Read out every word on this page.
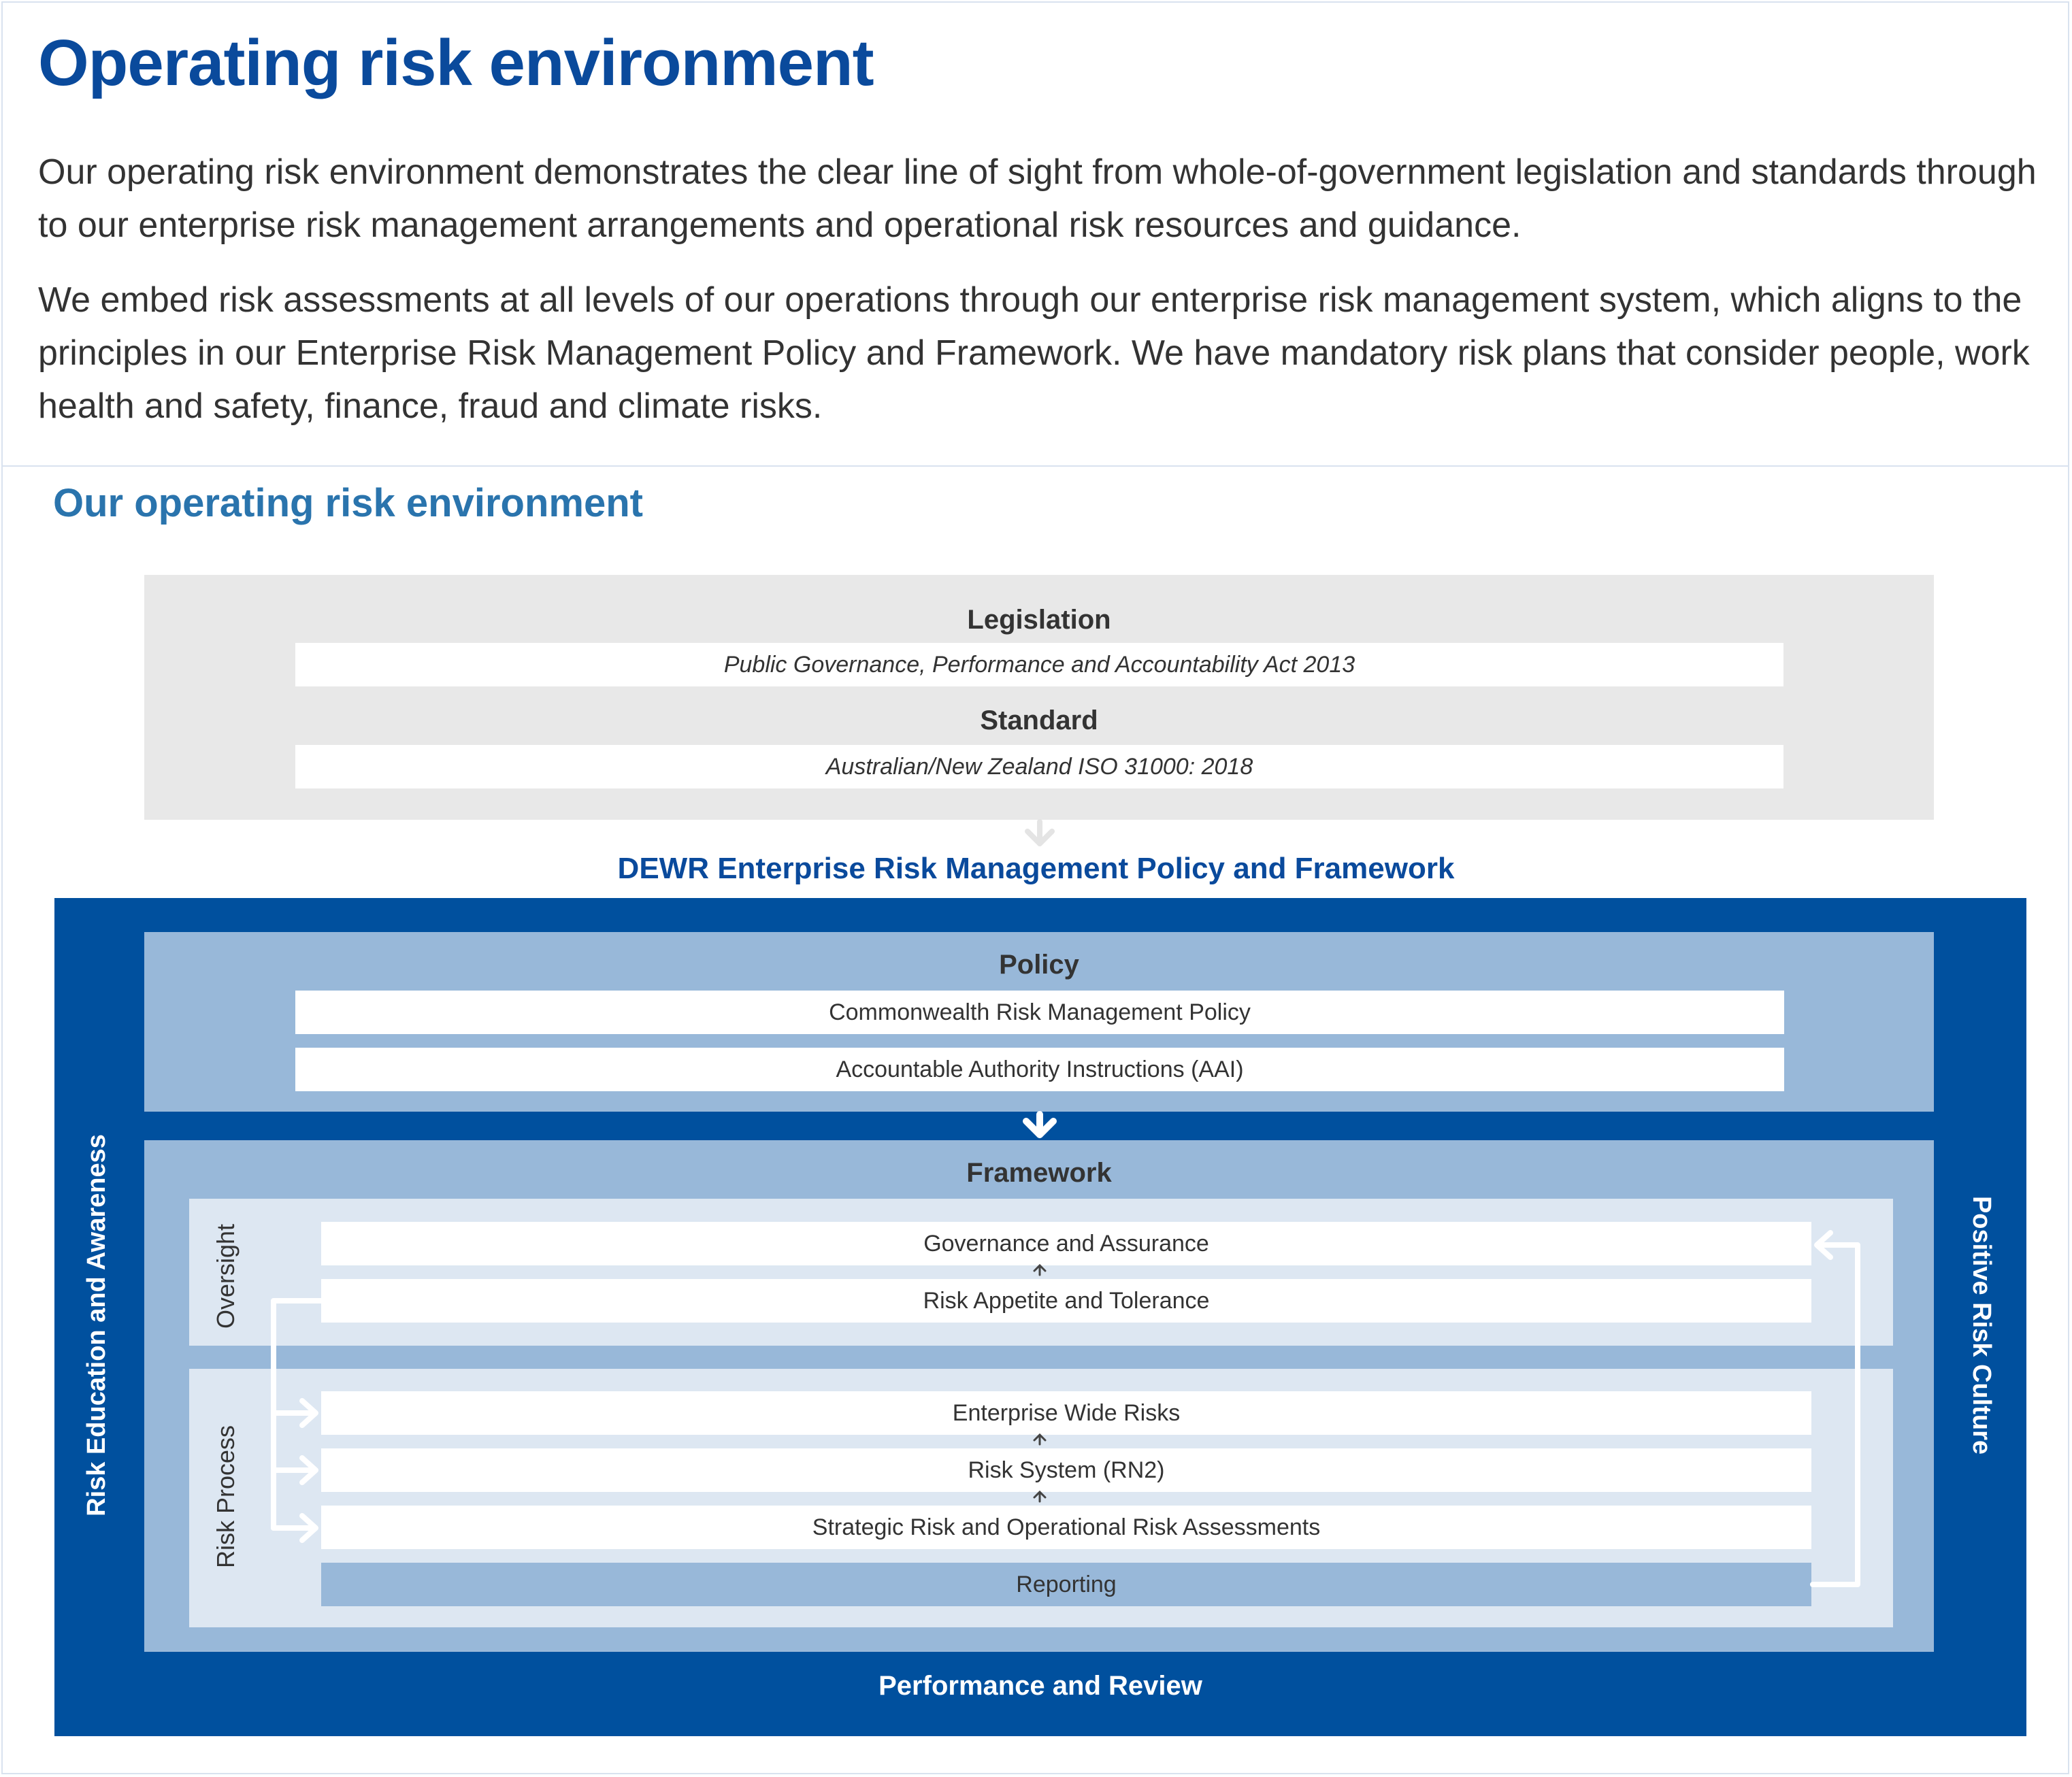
Operating risk environment

Our operating risk environment demonstrates the clear line of sight from whole-of-government legislation and standards through to our enterprise risk management arrangements and operational risk resources and guidance.

We embed risk assessments at all levels of our operations through our enterprise risk management system, which aligns to the principles in our Enterprise Risk Management Policy and Framework. We have mandatory risk plans that consider people, work health and safety, finance, fraud and climate risks.

Our operating risk environment
Legislation
Public Governance, Performance and Accountability Act 2013
Standard
Australian/New Zealand ISO 31000: 2018
DEWR Enterprise Risk Management Policy and Framework
Risk Education and Awareness	Positive Risk Culture
Performance and Review
Policy
Commonwealth Risk Management Policy
Accountable Authority Instructions (AAI)
Framework
Oversight
Risk Process
Governance and Assurance
Risk Appetite and Tolerance
Enterprise Wide Risks
Risk System (RN2)
Strategic Risk and Operational Risk Assessments
Reporting
